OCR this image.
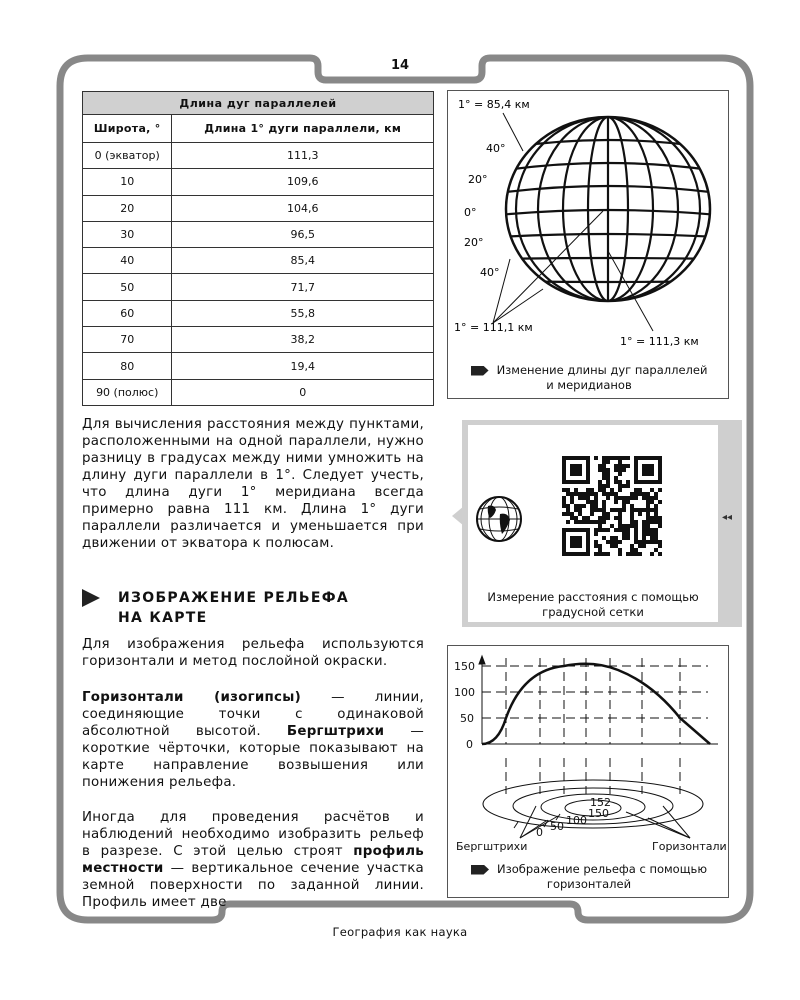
14
Длина дуг параллелей	
Широта, °	Длина 1° дуги параллели, км
0 (экватор)	111,3
10	109,6
20	104,6
30	96,5
40	85,4
50	71,7
60	55,8
70	38,2
80	19,4
90 (полюс)	0
1° = 85,4 км
40°
20°
0°
20°
40°
1° = 111,1 км
1° = 111,3 км
Изменение длины дуг параллелей
и меридианов
Для вычисления расстояния между пунктами, расположенными на одной параллели, нужно разницу в градусах между ними умножить на длину дуги параллели в 1°. Следует учесть, что длина дуги 1° меридиана всегда примерно равна 111 км. Длина 1° дуги параллели различается и уменьшается при движении от экватора к полюсам.
◂◂
Измерение расстояния с помощью
градусной сетки
ИЗОБРАЖЕНИЕ РЕЛЬЕФА
НА КАРТЕ
Для изображения рельефа используются горизонтали и метод послойной окраски.
Горизонтали (изогипсы) — линии, соединяющие точки с одинаковой абсолютной высотой. Бергштрихи — короткие чёрточки, которые показывают на карте направление возвышения или понижения рельефа.
Иногда для проведения расчётов и наблюдений необходимо изобразить рельеф в разрезе. С этой целью строят профиль местности — вертикальное сечение участка земной поверхности по заданной линии. Профиль имеет две
150
100
50
0
152
150
100
50
0
Бергштрихи	Горизонтали
Изображение рельефа с помощью
горизонталей
География как наука
